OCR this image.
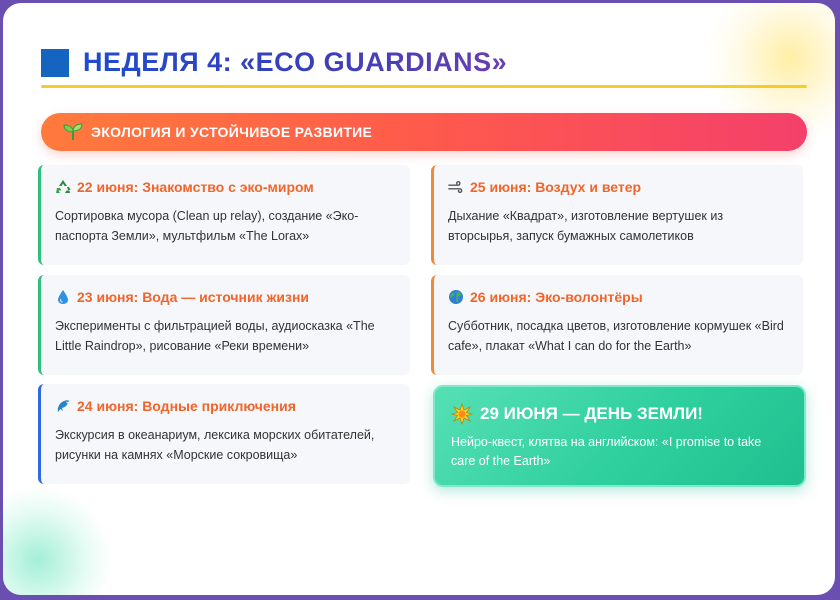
НЕДЕЛЯ 4: «ECO GUARDIANS»
ЭКОЛОГИЯ И УСТОЙЧИВОЕ РАЗВИТИЕ
22 июня: Знакомство с эко-миром
Сортировка мусора (Clean up relay), создание «Эко-паспорта Земли», мультфильм «The Lorax»
25 июня: Воздух и ветер
Дыхание «Квадрат», изготовление вертушек из вторсырья, запуск бумажных самолетиков
23 июня: Вода — источник жизни
Эксперименты с фильтрацией воды, аудиосказка «The Little Raindrop», рисование «Реки времени»
26 июня: Эко-волонтёры
Субботник, посадка цветов, изготовление кормушек «Bird cafe», плакат «What I can do for the Earth»
24 июня: Водные приключения
Экскурсия в океанариум, лексика морских обитателей, рисунки на камнях «Морские сокровища»
29 ИЮНЯ — ДЕНЬ ЗЕМЛИ!
Нейро-квест, клятва на английском: «I promise to take care of the Earth»
